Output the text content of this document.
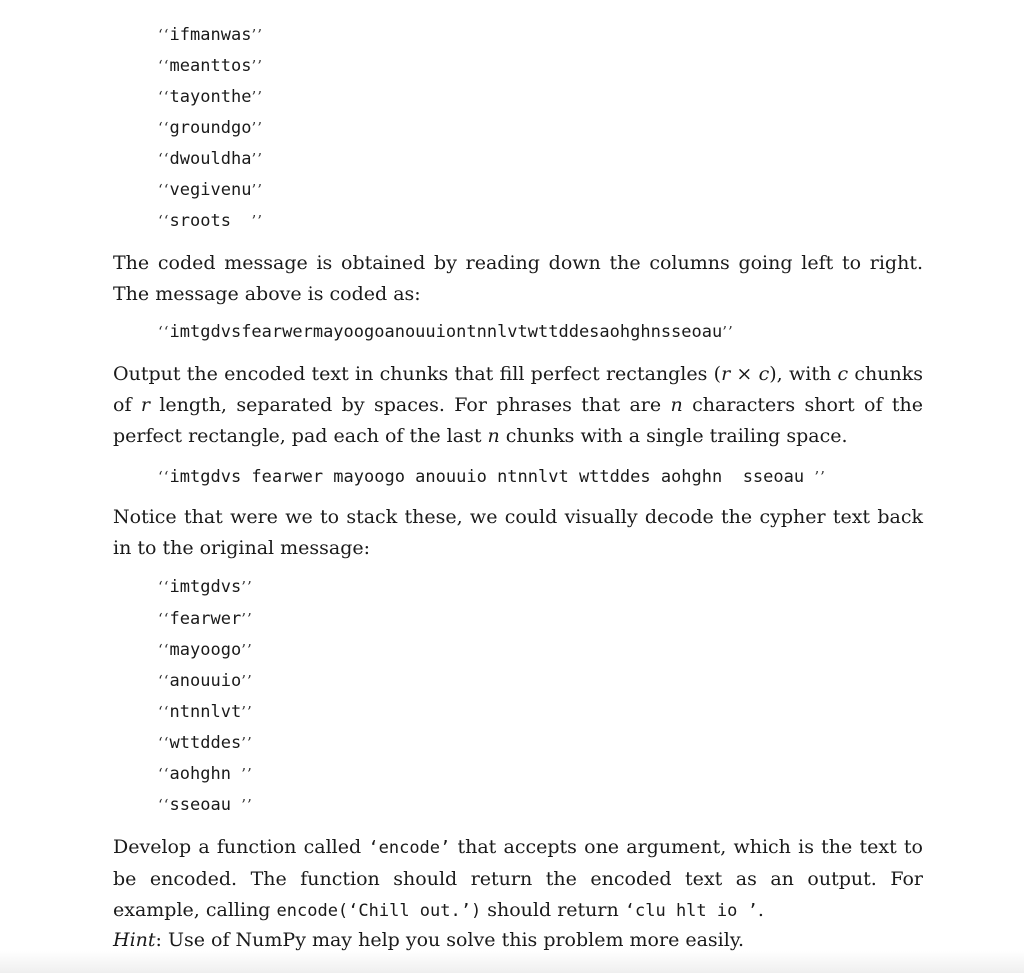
‘‘ifmanwas’’
‘‘meanttos’’
‘‘tayonthe’’
‘‘groundgo’’
‘‘dwouldha’’
‘‘vegivenu’’
‘‘sroots  ’’
The coded message is obtained by reading down the columns going left to right. The message above is coded as:
‘‘imtgdvsfearwermayoogoanouuiontnnlvtwttddesaohghnsseoau’’
Output the encoded text in chunks that fill perfect rectangles (r × c), with c chunks of r length, separated by spaces. For phrases that are n characters short of the perfect rectangle, pad each of the last n chunks with a single trailing space.
‘‘imtgdvs fearwer mayoogo anouuio ntnnlvt wttddes aohghn  sseoau ’’
Notice that were we to stack these, we could visually decode the cypher text back in to the original message:
‘‘imtgdvs’’
‘‘fearwer’’
‘‘mayoogo’’
‘‘anouuio’’
‘‘ntnnlvt’’
‘‘wttddes’’
‘‘aohghn ’’
‘‘sseoau ’’
Develop a function called ‘encode’ that accepts one argument, which is the text to be encoded. The function should return the encoded text as an output. For example, calling encode(‘Chill out.’) should return ‘clu hlt io ’.
Hint: Use of NumPy may help you solve this problem more easily.
